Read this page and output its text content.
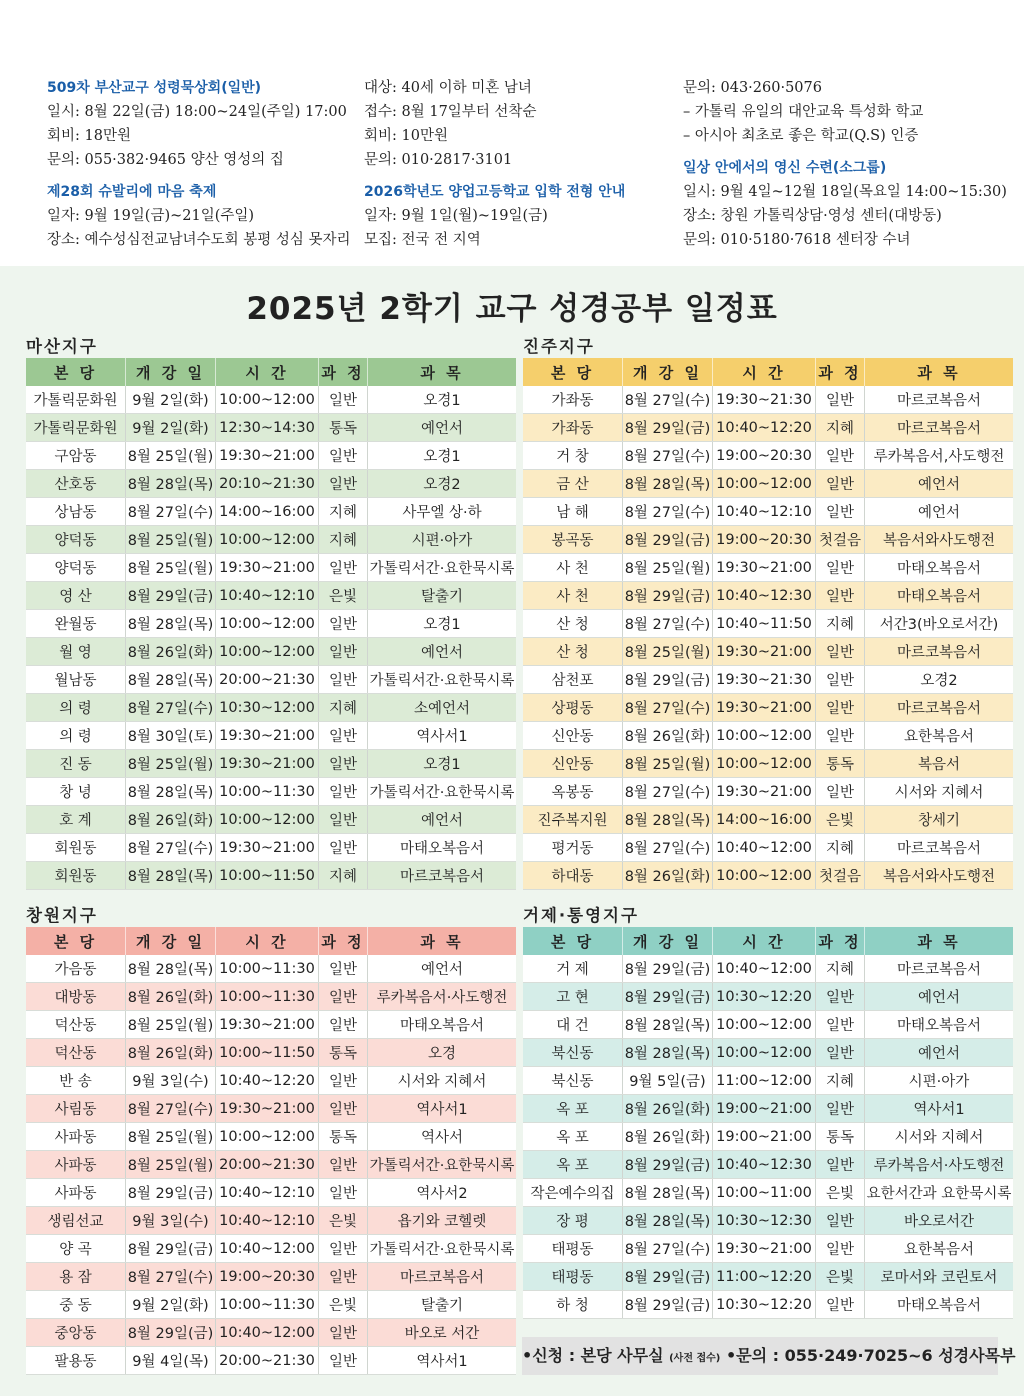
509차 부산교구 성령묵상회(일반)
일시: 8월 22일(금) 18:00~24일(주일) 17:00
회비: 18만원
문의: 055·382·9465 양산 영성의 집
제28회 슈발리에 마음 축제
일자: 9월 19일(금)~21일(주일)
장소: 예수성심전교남녀수도회 봉평 성심 못자리
대상: 40세 이하 미혼 남녀
접수: 8월 17일부터 선착순
회비: 10만원
문의: 010·2817·3101
2026학년도 양업고등학교 입학 전형 안내
일자: 9월 1일(월)~19일(금)
모집: 전국 전 지역
문의: 043·260·5076
– 가톨릭 유일의 대안교육 특성화 학교
– 아시아 최초로 좋은 학교(Q.S) 인증
일상 안에서의 영신 수련(소그룹)
일시: 9월 4일~12월 18일(목요일 14:00~15:30)
장소: 창원 가톨릭상담·영성 센터(대방동)
문의: 010·5180·7618 센터장 수녀
2025년 2학기 교구 성경공부 일정표
마산지구
본 당	개 강 일	시 간	과 정	과 목
가톨릭문화원	9월 2일(화)	10:00~12:00	일반	오경1
가톨릭문화원	9월 2일(화)	12:30~14:30	통독	예언서
구암동	8월 25일(월)	19:30~21:00	일반	오경1
산호동	8월 28일(목)	20:10~21:30	일반	오경2
상남동	8월 27일(수)	14:00~16:00	지혜	사무엘 상·하
양덕동	8월 25일(월)	10:00~12:00	지혜	시편·아가
양덕동	8월 25일(월)	19:30~21:00	일반	가톨릭서간·요한묵시록
영 산	8월 29일(금)	10:40~12:10	은빛	탈출기
완월동	8월 28일(목)	10:00~12:00	일반	오경1
월 영	8월 26일(화)	10:00~12:00	일반	예언서
월남동	8월 28일(목)	20:00~21:30	일반	가톨릭서간·요한묵시록
의 령	8월 27일(수)	10:30~12:00	지혜	소예언서
의 령	8월 30일(토)	19:30~21:00	일반	역사서1
진 동	8월 25일(월)	19:30~21:00	일반	오경1
창 녕	8월 28일(목)	10:00~11:30	일반	가톨릭서간·요한묵시록
호 계	8월 26일(화)	10:00~12:00	일반	예언서
회원동	8월 27일(수)	19:30~21:00	일반	마태오복음서
회원동	8월 28일(목)	10:00~11:50	지혜	마르코복음서
진주지구
본 당	개 강 일	시 간	과 정	과 목
가좌동	8월 27일(수)	19:30~21:30	일반	마르코복음서
가좌동	8월 29일(금)	10:40~12:20	지혜	마르코복음서
거 창	8월 27일(수)	19:00~20:30	일반	루카복음서,사도행전
금 산	8월 28일(목)	10:00~12:00	일반	예언서
남 해	8월 27일(수)	10:40~12:10	일반	예언서
봉곡동	8월 29일(금)	19:00~20:30	첫걸음	복음서와사도행전
사 천	8월 25일(월)	19:30~21:00	일반	마태오복음서
사 천	8월 29일(금)	10:40~12:30	일반	마태오복음서
산 청	8월 27일(수)	10:40~11:50	지혜	서간3(바오로서간)
산 청	8월 25일(월)	19:30~21:00	일반	마르코복음서
삼천포	8월 29일(금)	19:30~21:30	일반	오경2
상평동	8월 27일(수)	19:30~21:00	일반	마르코복음서
신안동	8월 26일(화)	10:00~12:00	일반	요한복음서
신안동	8월 25일(월)	10:00~12:00	통독	복음서
옥봉동	8월 27일(수)	19:30~21:00	일반	시서와 지혜서
진주복지원	8월 28일(목)	14:00~16:00	은빛	창세기
평거동	8월 27일(수)	10:40~12:00	지혜	마르코복음서
하대동	8월 26일(화)	10:00~12:00	첫걸음	복음서와사도행전
창원지구
본 당	개 강 일	시 간	과 정	과 목
가음동	8월 28일(목)	10:00~11:30	일반	예언서
대방동	8월 26일(화)	10:00~11:30	일반	루카복음서·사도행전
덕산동	8월 25일(월)	19:30~21:00	일반	마태오복음서
덕산동	8월 26일(화)	10:00~11:50	통독	오경
반 송	9월 3일(수)	10:40~12:20	일반	시서와 지혜서
사림동	8월 27일(수)	19:30~21:00	일반	역사서1
사파동	8월 25일(월)	10:00~12:00	통독	역사서
사파동	8월 25일(월)	20:00~21:30	일반	가톨릭서간·요한묵시록
사파동	8월 29일(금)	10:40~12:10	일반	역사서2
생림선교	9월 3일(수)	10:40~12:10	은빛	욥기와 코헬렛
양 곡	8월 29일(금)	10:40~12:00	일반	가톨릭서간·요한묵시록
용 잠	8월 27일(수)	19:00~20:30	일반	마르코복음서
중 동	9월 2일(화)	10:00~11:30	은빛	탈출기
중앙동	8월 29일(금)	10:40~12:00	일반	바오로 서간
팔용동	9월 4일(목)	20:00~21:30	일반	역사서1
거제·통영지구
본 당	개 강 일	시 간	과 정	과 목
거 제	8월 29일(금)	10:40~12:00	지혜	마르코복음서
고 현	8월 29일(금)	10:30~12:20	일반	예언서
대 건	8월 28일(목)	10:00~12:00	일반	마태오복음서
북신동	8월 28일(목)	10:00~12:00	일반	예언서
북신동	9월 5일(금)	11:00~12:00	지혜	시편·아가
옥 포	8월 26일(화)	19:00~21:00	일반	역사서1
옥 포	8월 26일(화)	19:00~21:00	통독	시서와 지혜서
옥 포	8월 29일(금)	10:40~12:30	일반	루카복음서·사도행전
작은예수의집	8월 28일(목)	10:00~11:00	은빛	요한서간과 요한묵시록
장 평	8월 28일(목)	10:30~12:30	일반	바오로서간
태평동	8월 27일(수)	19:30~21:00	일반	요한복음서
태평동	8월 29일(금)	11:00~12:20	은빛	로마서와 코린토서
하 청	8월 29일(금)	10:30~12:20	일반	마태오복음서
•신청 : 본당 사무실 (사전 접수) •문의 : 055·249·7025~6 성경사목부
